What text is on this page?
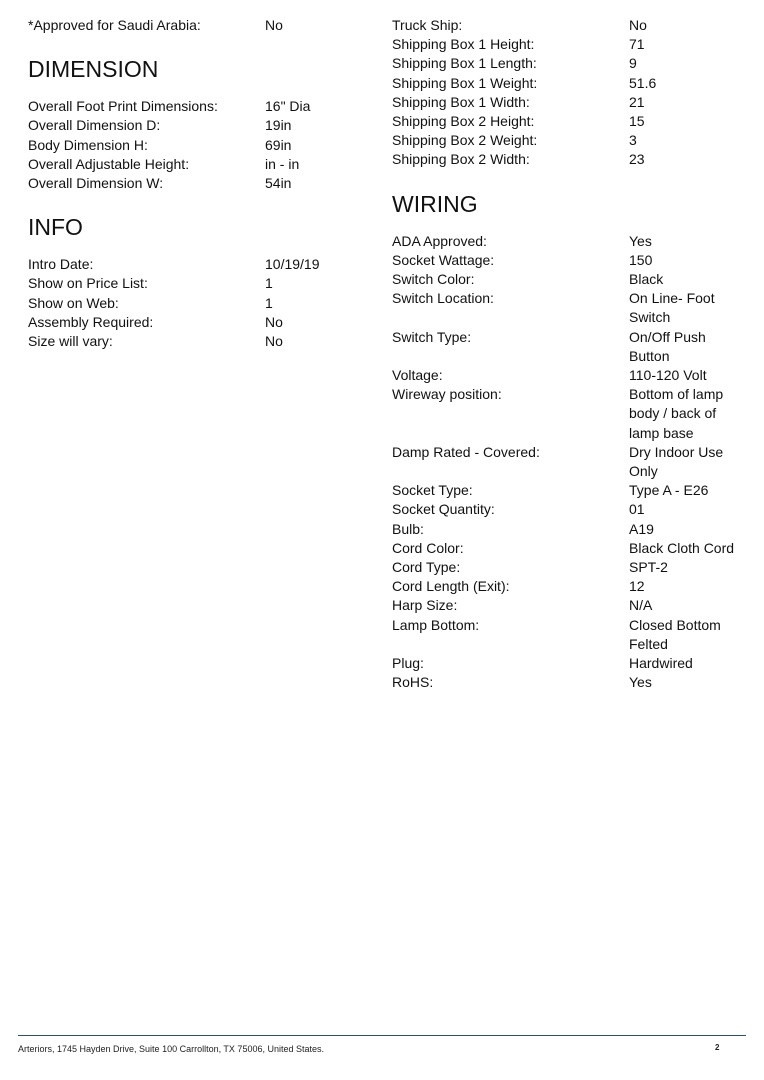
*Approved for Saudi Arabia:	No
DIMENSION
Overall Foot Print Dimensions:	16" Dia
Overall Dimension D:	19in
Body Dimension H:	69in
Overall Adjustable Height:	in - in
Overall Dimension W:	54in
INFO
Intro Date:	10/19/19
Show on Price List:	1
Show on Web:	1
Assembly Required:	No
Size will vary:	No
Truck Ship:	No
Shipping Box 1 Height:	71
Shipping Box 1 Length:	9
Shipping Box 1 Weight:	51.6
Shipping Box 1 Width:	21
Shipping Box 2 Height:	15
Shipping Box 2 Weight:	3
Shipping Box 2 Width:	23
WIRING
ADA Approved:	Yes
Socket Wattage:	150
Switch Color:	Black
Switch Location:	On Line- Foot Switch
Switch Type:	On/Off Push Button
Voltage:	110-120 Volt
Wireway position:	Bottom of lamp body / back of lamp base
Damp Rated - Covered:	Dry Indoor Use Only
Socket Type:	Type A - E26
Socket Quantity:	01
Bulb:	A19
Cord Color:	Black Cloth Cord
Cord Type:	SPT-2
Cord Length (Exit):	12
Harp Size:	N/A
Lamp Bottom:	Closed Bottom Felted
Plug:	Hardwired
RoHS:	Yes
Arteriors, 1745 Hayden Drive, Suite 100 Carrollton, TX 75006, United States.	2
